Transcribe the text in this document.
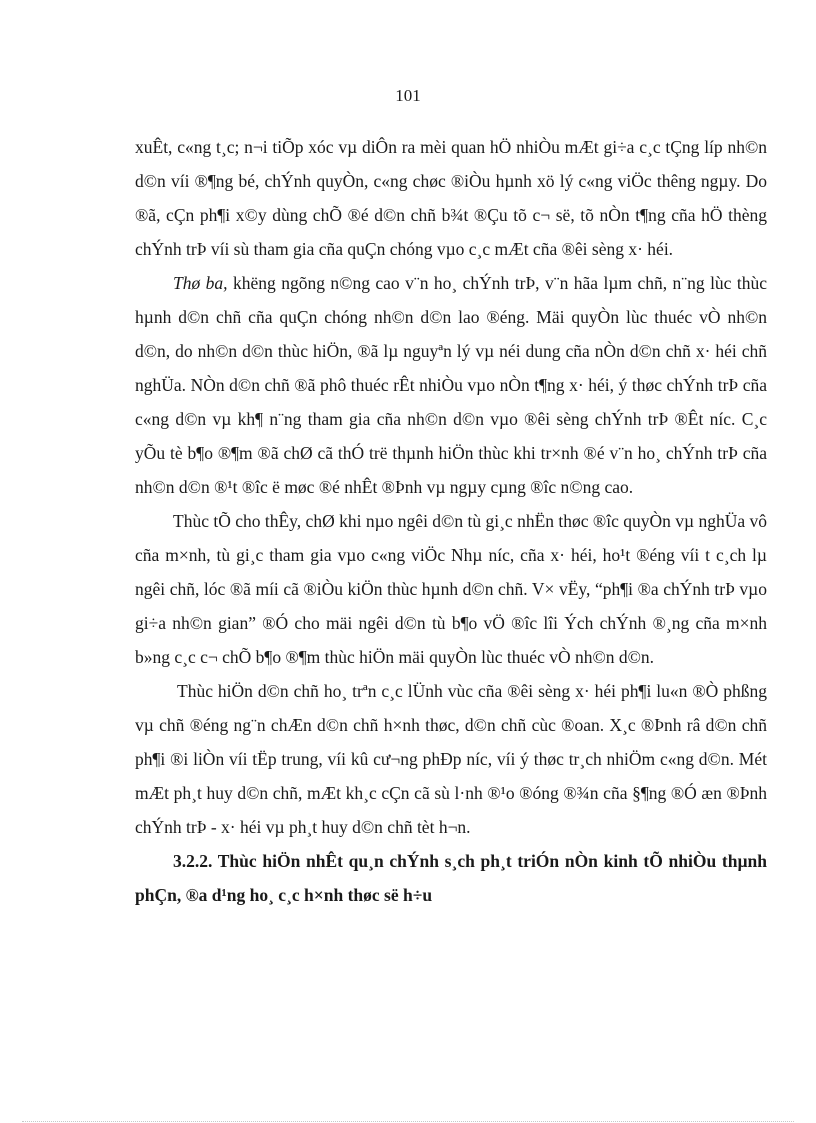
101

xuÊt, c«ng t¸c; n¬i tiÕp xóc vµ diÔn ra mèi quan hÖ nhiÒu mÆt gi÷a c¸c tÇng líp nh©n d©n víi ®¶ng bé, chÝnh quyÒn, c«ng chøc ®iÒu hµnh xö lý c«ng viÖc thêng ngµy. Do ®ã, cÇn ph¶i x©y dùng chÕ ®é d©n chñ b¾t ®Çu tõ c¬ së, tõ nÒn t¶ng cña hÖ thèng chÝnh trÞ víi sù tham gia cña quÇn chóng vµo c¸c mÆt cña ®êi sèng x· héi.

Thø ba, khëng ngõng n©ng cao v¨n ho¸ chÝnh trÞ, v¨n hãa lµm chñ, n¨ng lùc thùc hµnh d©n chñ cña quÇn chóng nh©n d©n lao ®éng. Mäi quyÒn lùc thuéc vÒ nh©n d©n, do nh©n d©n thùc hiÖn, ®ã lµ nguyªn lý vµ néi dung cña nÒn d©n chñ x· héi chñ nghÜa. NÒn d©n chñ ®ã phô thuéc rÊt nhiÒu vµo nÒn t¶ng x· héi, ý thøc chÝnh trÞ cña c«ng d©n vµ kh¶ n¨ng tham gia cña nh©n d©n vµo ®êi sèng chÝnh trÞ ®Êt níc. C¸c yÕu tè b¶o ®¶m ®ã chØ cã thÓ trë thµnh hiÖn thùc khi tr×nh ®é v¨n ho¸ chÝnh trÞ cña nh©n d©n ®¹t ®îc ë møc ®é nhÊt ®Þnh vµ ngµy cµng ®îc n©ng cao.

Thùc tÕ cho thÊy, chØ khi nµo ngêi d©n tù gi¸c nhËn thøc ®îc quyÒn vµ nghÜa vô cña m×nh, tù gi¸c tham gia vµo c«ng viÖc Nhµ níc, cña x· héi, ho¹t ®éng víi t c¸ch lµ ngêi chñ, lóc ®ã míi cã ®iÒu kiÖn thùc hµnh d©n chñ. V× vËy, “ph¶i ®a chÝnh trÞ vµo gi÷a nh©n gian” ®Ó cho mäi ngêi d©n tù b¶o vÖ ®îc lîi Ých chÝnh ®¸ng cña m×nh b»ng c¸c c¬ chÕ b¶o ®¶m thùc hiÖn mäi quyÒn lùc thuéc vÒ nh©n d©n.

Thùc hiÖn d©n chñ ho¸ trªn c¸c lÜnh vùc cña ®êi sèng x· héi ph¶i lu«n ®Ò phßng vµ chñ ®éng ng¨n chÆn d©n chñ h×nh thøc, d©n chñ cùc ®oan. X¸c ®Þnh râ d©n chñ ph¶i ®i liÒn víi tËp trung, víi kû cư¬ng phÐp níc, víi ý thøc tr¸ch nhiÖm c«ng d©n. Mét mÆt ph¸t huy d©n chñ, mÆt kh¸c cÇn cã sù l·nh ®¹o ®óng ®¾n cña §¶ng ®Ó æn ®Þnh chÝnh trÞ - x· héi vµ ph¸t huy d©n chñ tèt h¬n.

3.2.2. Thùc hiÖn nhÊt qu¸n chÝnh s¸ch ph¸t triÓn nÒn kinh tÕ nhiÒu thµnh phÇn, ®a d¹ng ho¸ c¸c h×nh thøc së h÷u
